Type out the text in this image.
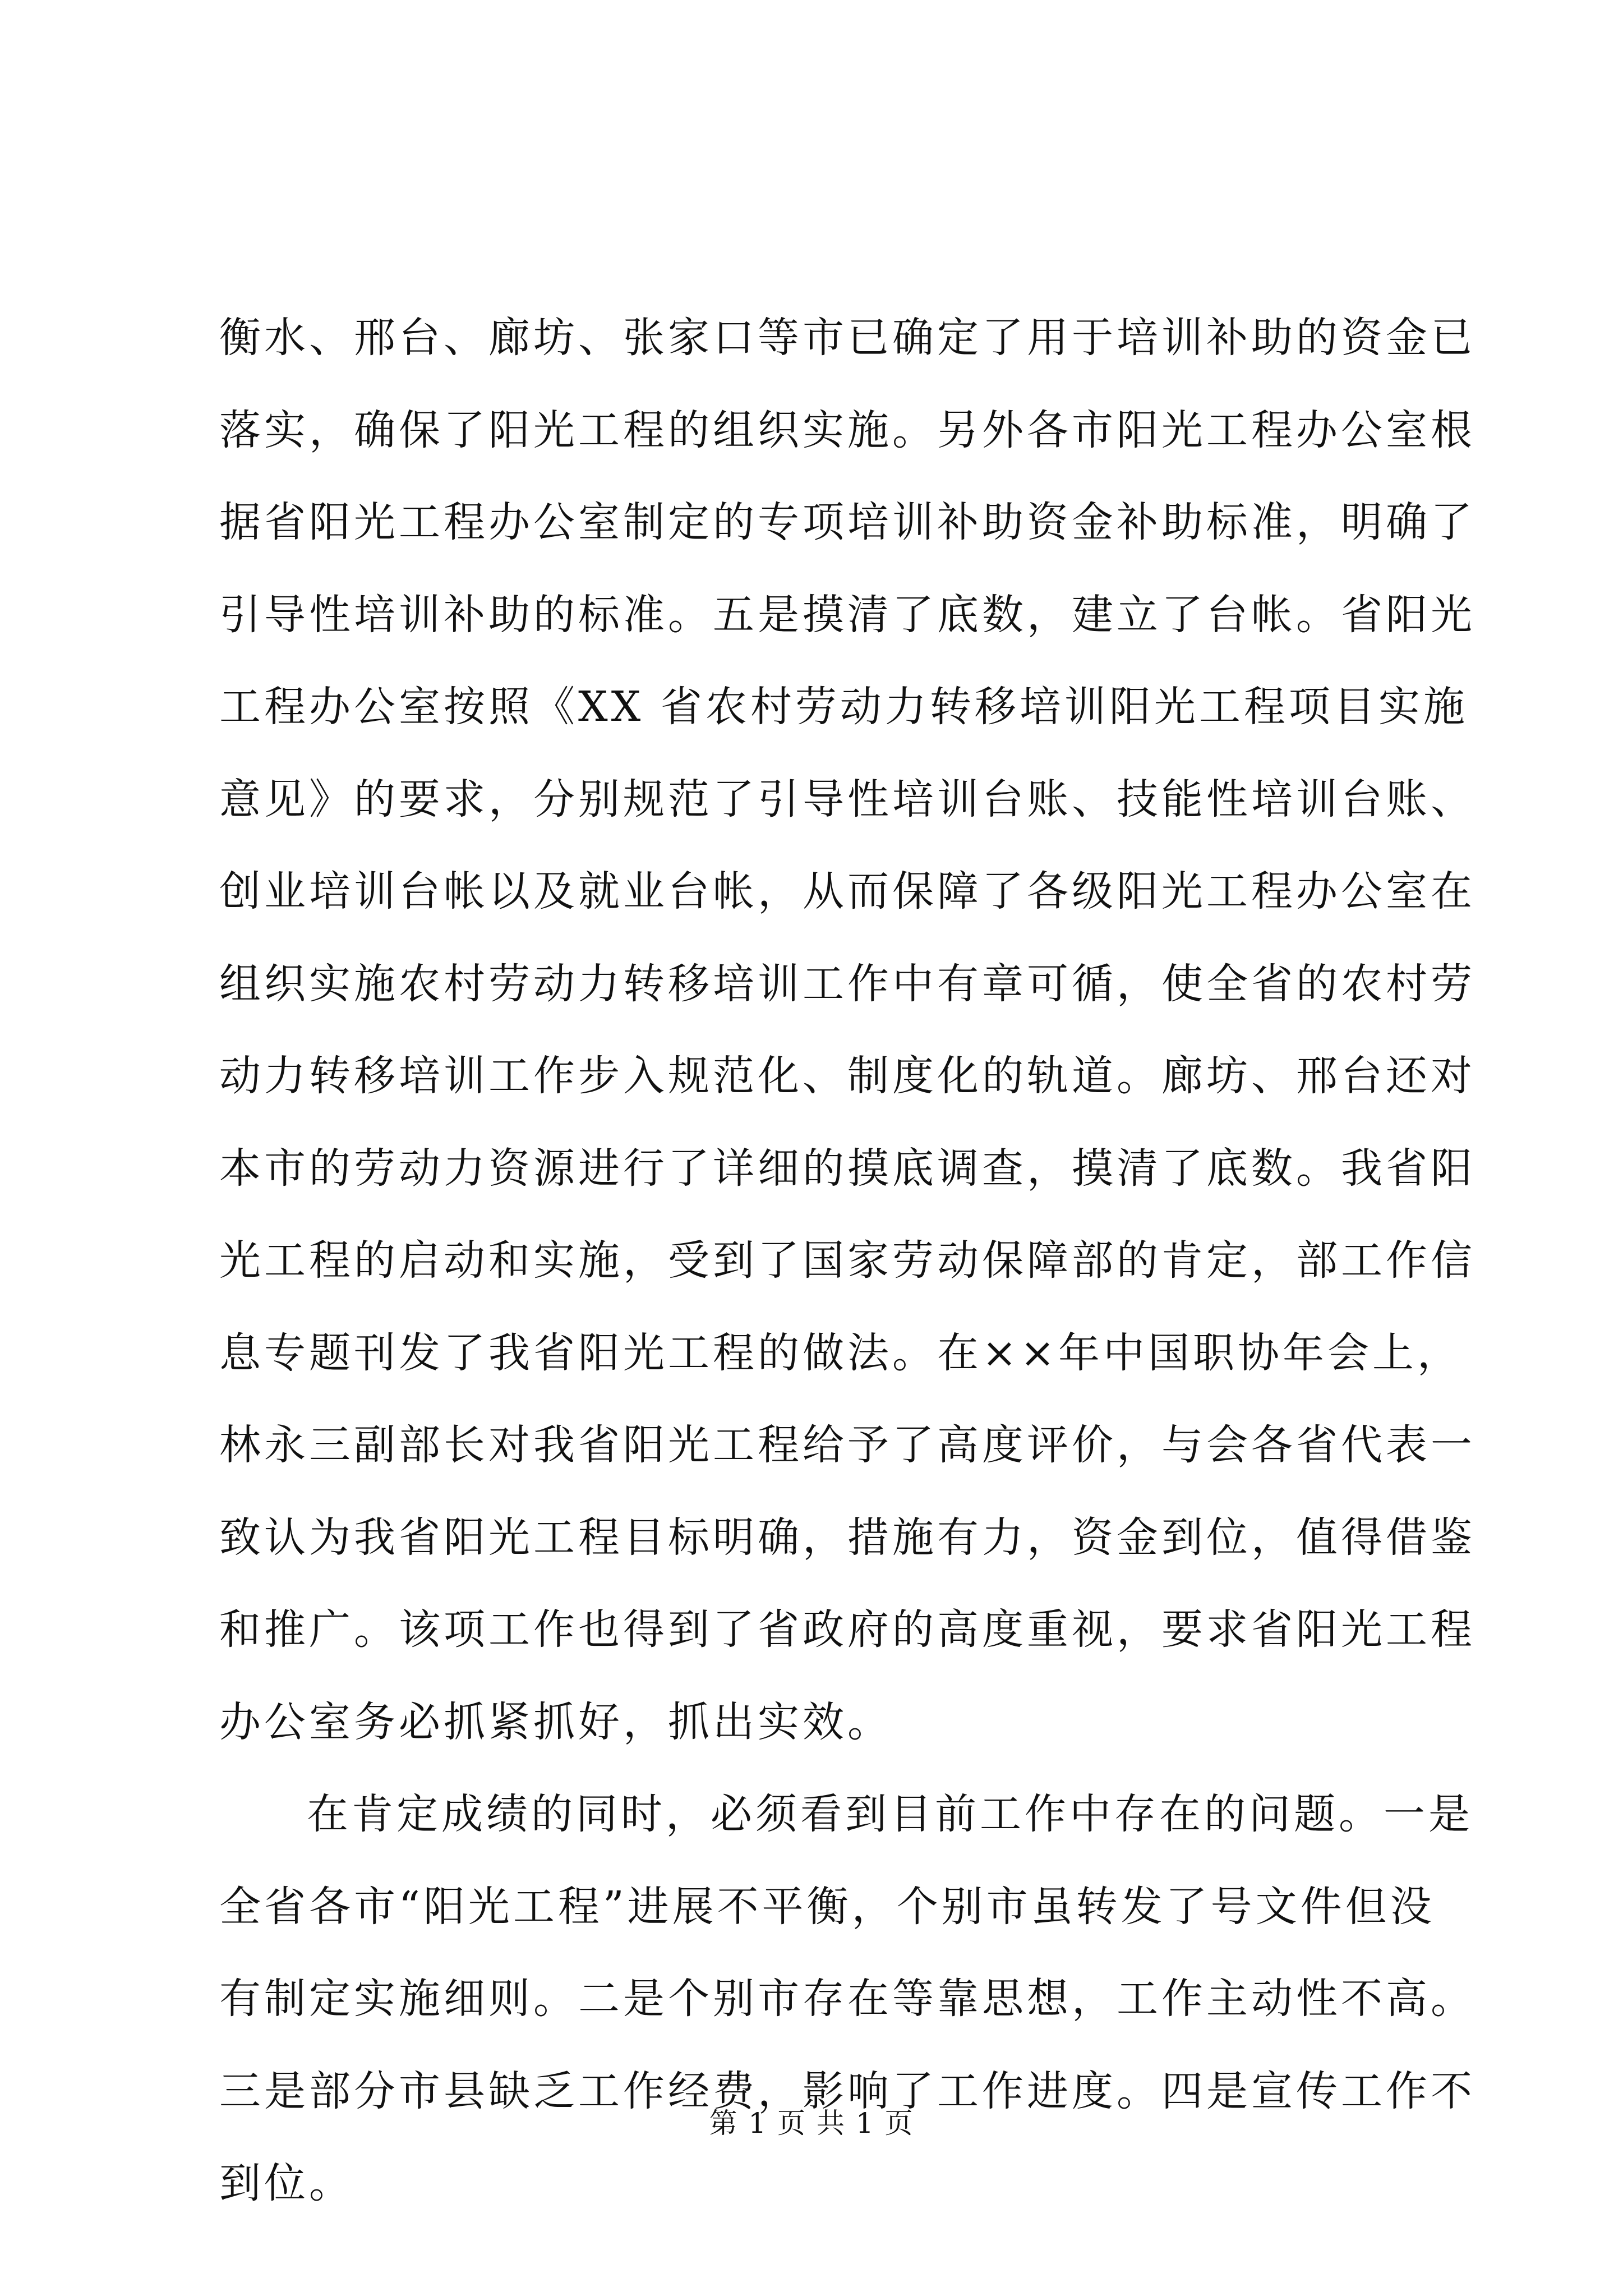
衡水、邢台、廊坊、张家口等市已确定了用于培训补助的资金已
落实，确保了阳光工程的组织实施。另外各市阳光工程办公室根
据省阳光工程办公室制定的专项培训补助资金补助标准，明确了
引导性培训补助的标准。五是摸清了底数，建立了台帐。省阳光
工程办公室按照《XX 省农村劳动力转移培训阳光工程项目实施
意见》的要求，分别规范了引导性培训台账、技能性培训台账、
创业培训台帐以及就业台帐，从而保障了各级阳光工程办公室在
组织实施农村劳动力转移培训工作中有章可循，使全省的农村劳
动力转移培训工作步入规范化、制度化的轨道。廊坊、邢台还对
本市的劳动力资源进行了详细的摸底调查，摸清了底数。我省阳
光工程的启动和实施，受到了国家劳动保障部的肯定，部工作信
息专题刊发了我省阳光工程的做法。在××年中国职协年会上，
林永三副部长对我省阳光工程给予了高度评价，与会各省代表一
致认为我省阳光工程目标明确，措施有力，资金到位，值得借鉴
和推广。该项工作也得到了省政府的高度重视，要求省阳光工程
办公室务必抓紧抓好，抓出实效。
在肯定成绩的同时，必须看到目前工作中存在的问题。一是
全省各市“阳光工程”进展不平衡，个别市虽转发了号文件但没
有制定实施细则。二是个别市存在等靠思想，工作主动性不高。
三是部分市县缺乏工作经费，影响了工作进度。四是宣传工作不
到位。
第 1 页 共 1 页
